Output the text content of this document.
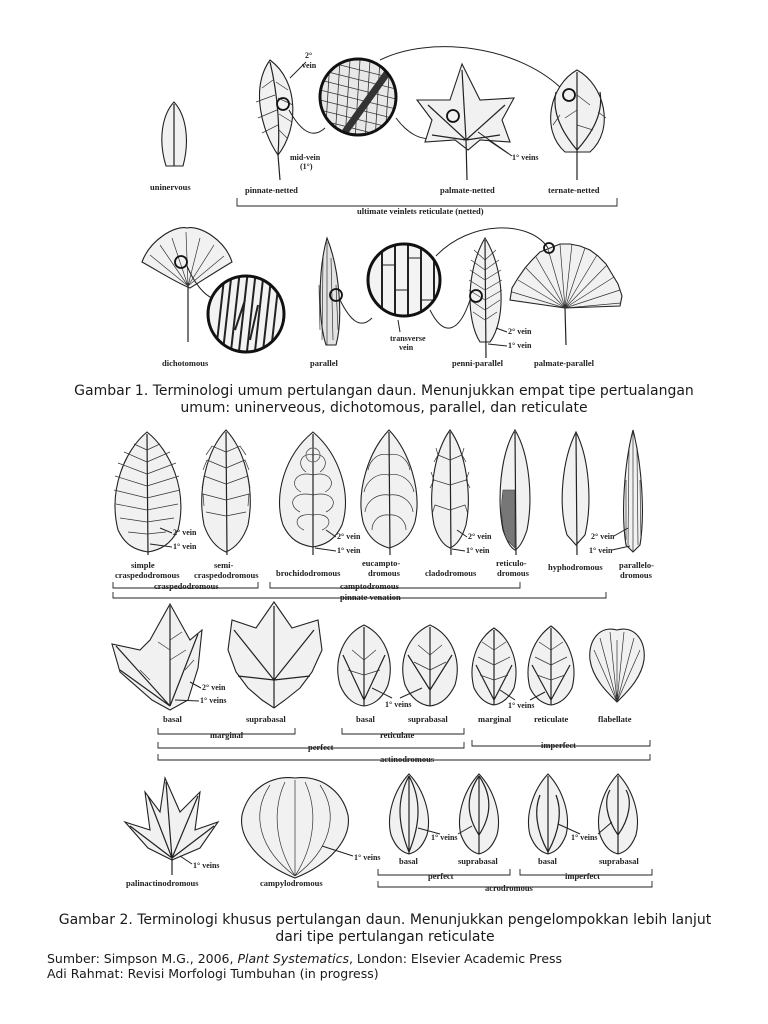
uninervous
2°
vein
mid-vein
(1°)
pinnate-netted
1° veins
palmate-netted	ternate-netted
ultimate veinlets reticulate (netted)
dichotomous	parallel
transverse
vein
2° vein
1° vein
penni-parallel	palmate-parallel
2° vein
1° vein
2° vein
1° vein
2° vein
1° vein
2° vein
1° vein
simple
craspedodromous
semi-
craspedodromous brochidodromous
eucampto-
dromous	cladodromous
reticulo-
dromous
hyphodromous parallelo-
dromous
craspedodromous	camptodromous
pinnate venation
2° vein
1° veins	1° veins	1° veins
basal	suprabasal	basal	suprabasal	marginal	reticulate	flabellate
marginal	reticulate
perfect	imperfect
actinodromous
1° veins
1° veins
1° veins	1° veins
palinactinodromous	campylodromous
basal	suprabasal	basal	suprabasal
perfect	imperfect
acrodromous
Gambar 1. Terminologi umum pertulangan daun. Menunjukkan empat tipe pertualangan umum: uninerveous, dichotomous, parallel, dan reticulate
Gambar 2. Terminologi khusus pertulangan daun. Menunjukkan pengelompokkan lebih lanjut dari tipe pertulangan reticulate
Sumber: Simpson M.G., 2006, Plant Systematics, London: Elsevier Academic Press
Adi Rahmat: Revisi Morfologi Tumbuhan (in progress)
